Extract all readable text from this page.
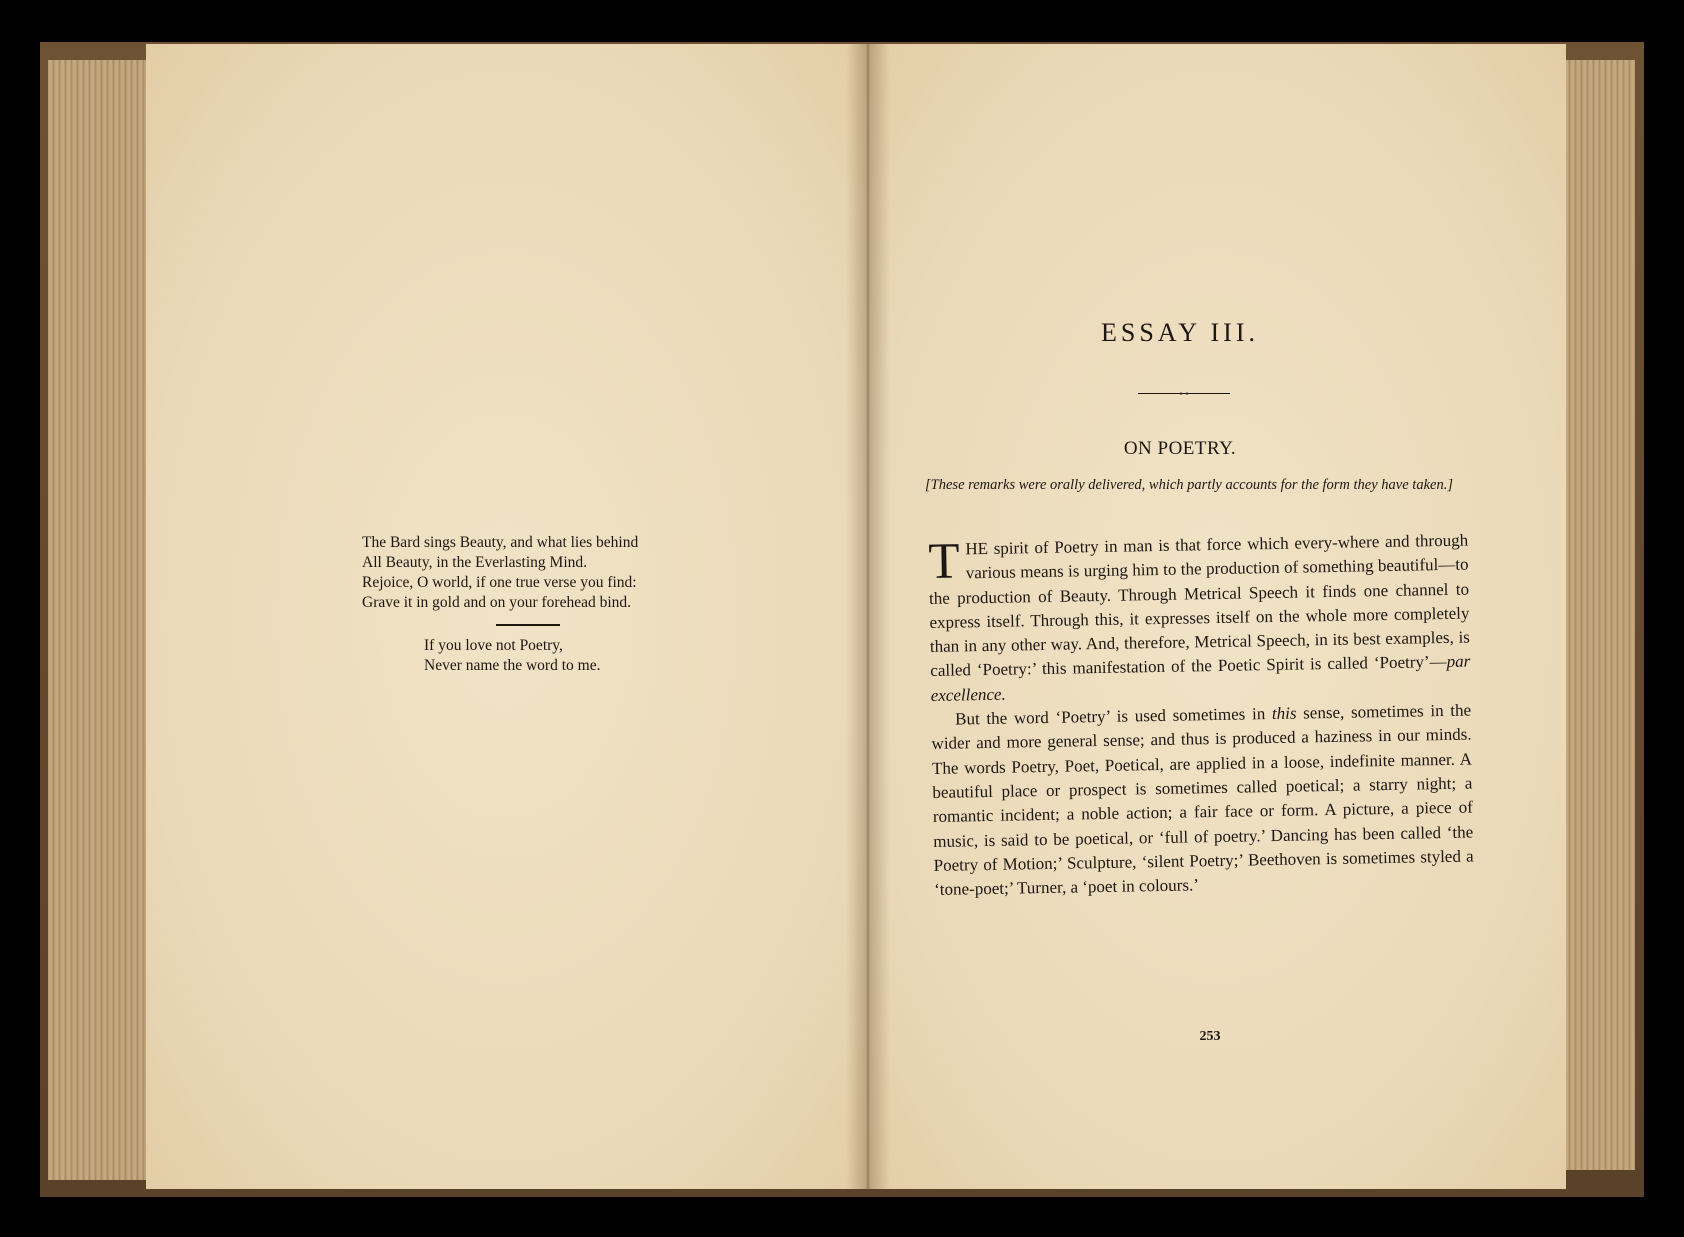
The Bard sings Beauty, and what lies behind
All Beauty, in the Everlasting Mind.
Rejoice, O world, if one true verse you find:
Grave it in gold and on your forehead bind.
If you love not Poetry,
Never name the word to me.
ESSAY III.
ON POETRY.
[These remarks were orally delivered, which partly accounts for the form they have taken.]

THE spirit of Poetry in man is that force which every-where and through various means is urging him to the production of something beautiful—to the production of Beauty. Through Metrical Speech it finds one channel to express itself. Through this, it expresses itself on the whole more completely than in any other way. And, therefore, Metrical Speech, in its best examples, is called ‘Poetry:’ this manifestation of the Poetic Spirit is called ‘Poetry’—par excellence.

But the word ‘Poetry’ is used sometimes in this sense, sometimes in the wider and more general sense; and thus is produced a haziness in our minds. The words Poetry, Poet, Poetical, are applied in a loose, indefinite manner. A beautiful place or prospect is sometimes called poetical; a starry night; a romantic incident; a noble action; a fair face or form. A picture, a piece of music, is said to be poetical, or ‘full of poetry.’ Dancing has been called ‘the Poetry of Motion;’ Sculpture, ‘silent Poetry;’ Beethoven is sometimes styled a ‘tone-poet;’ Turner, a ‘poet in colours.’

253
